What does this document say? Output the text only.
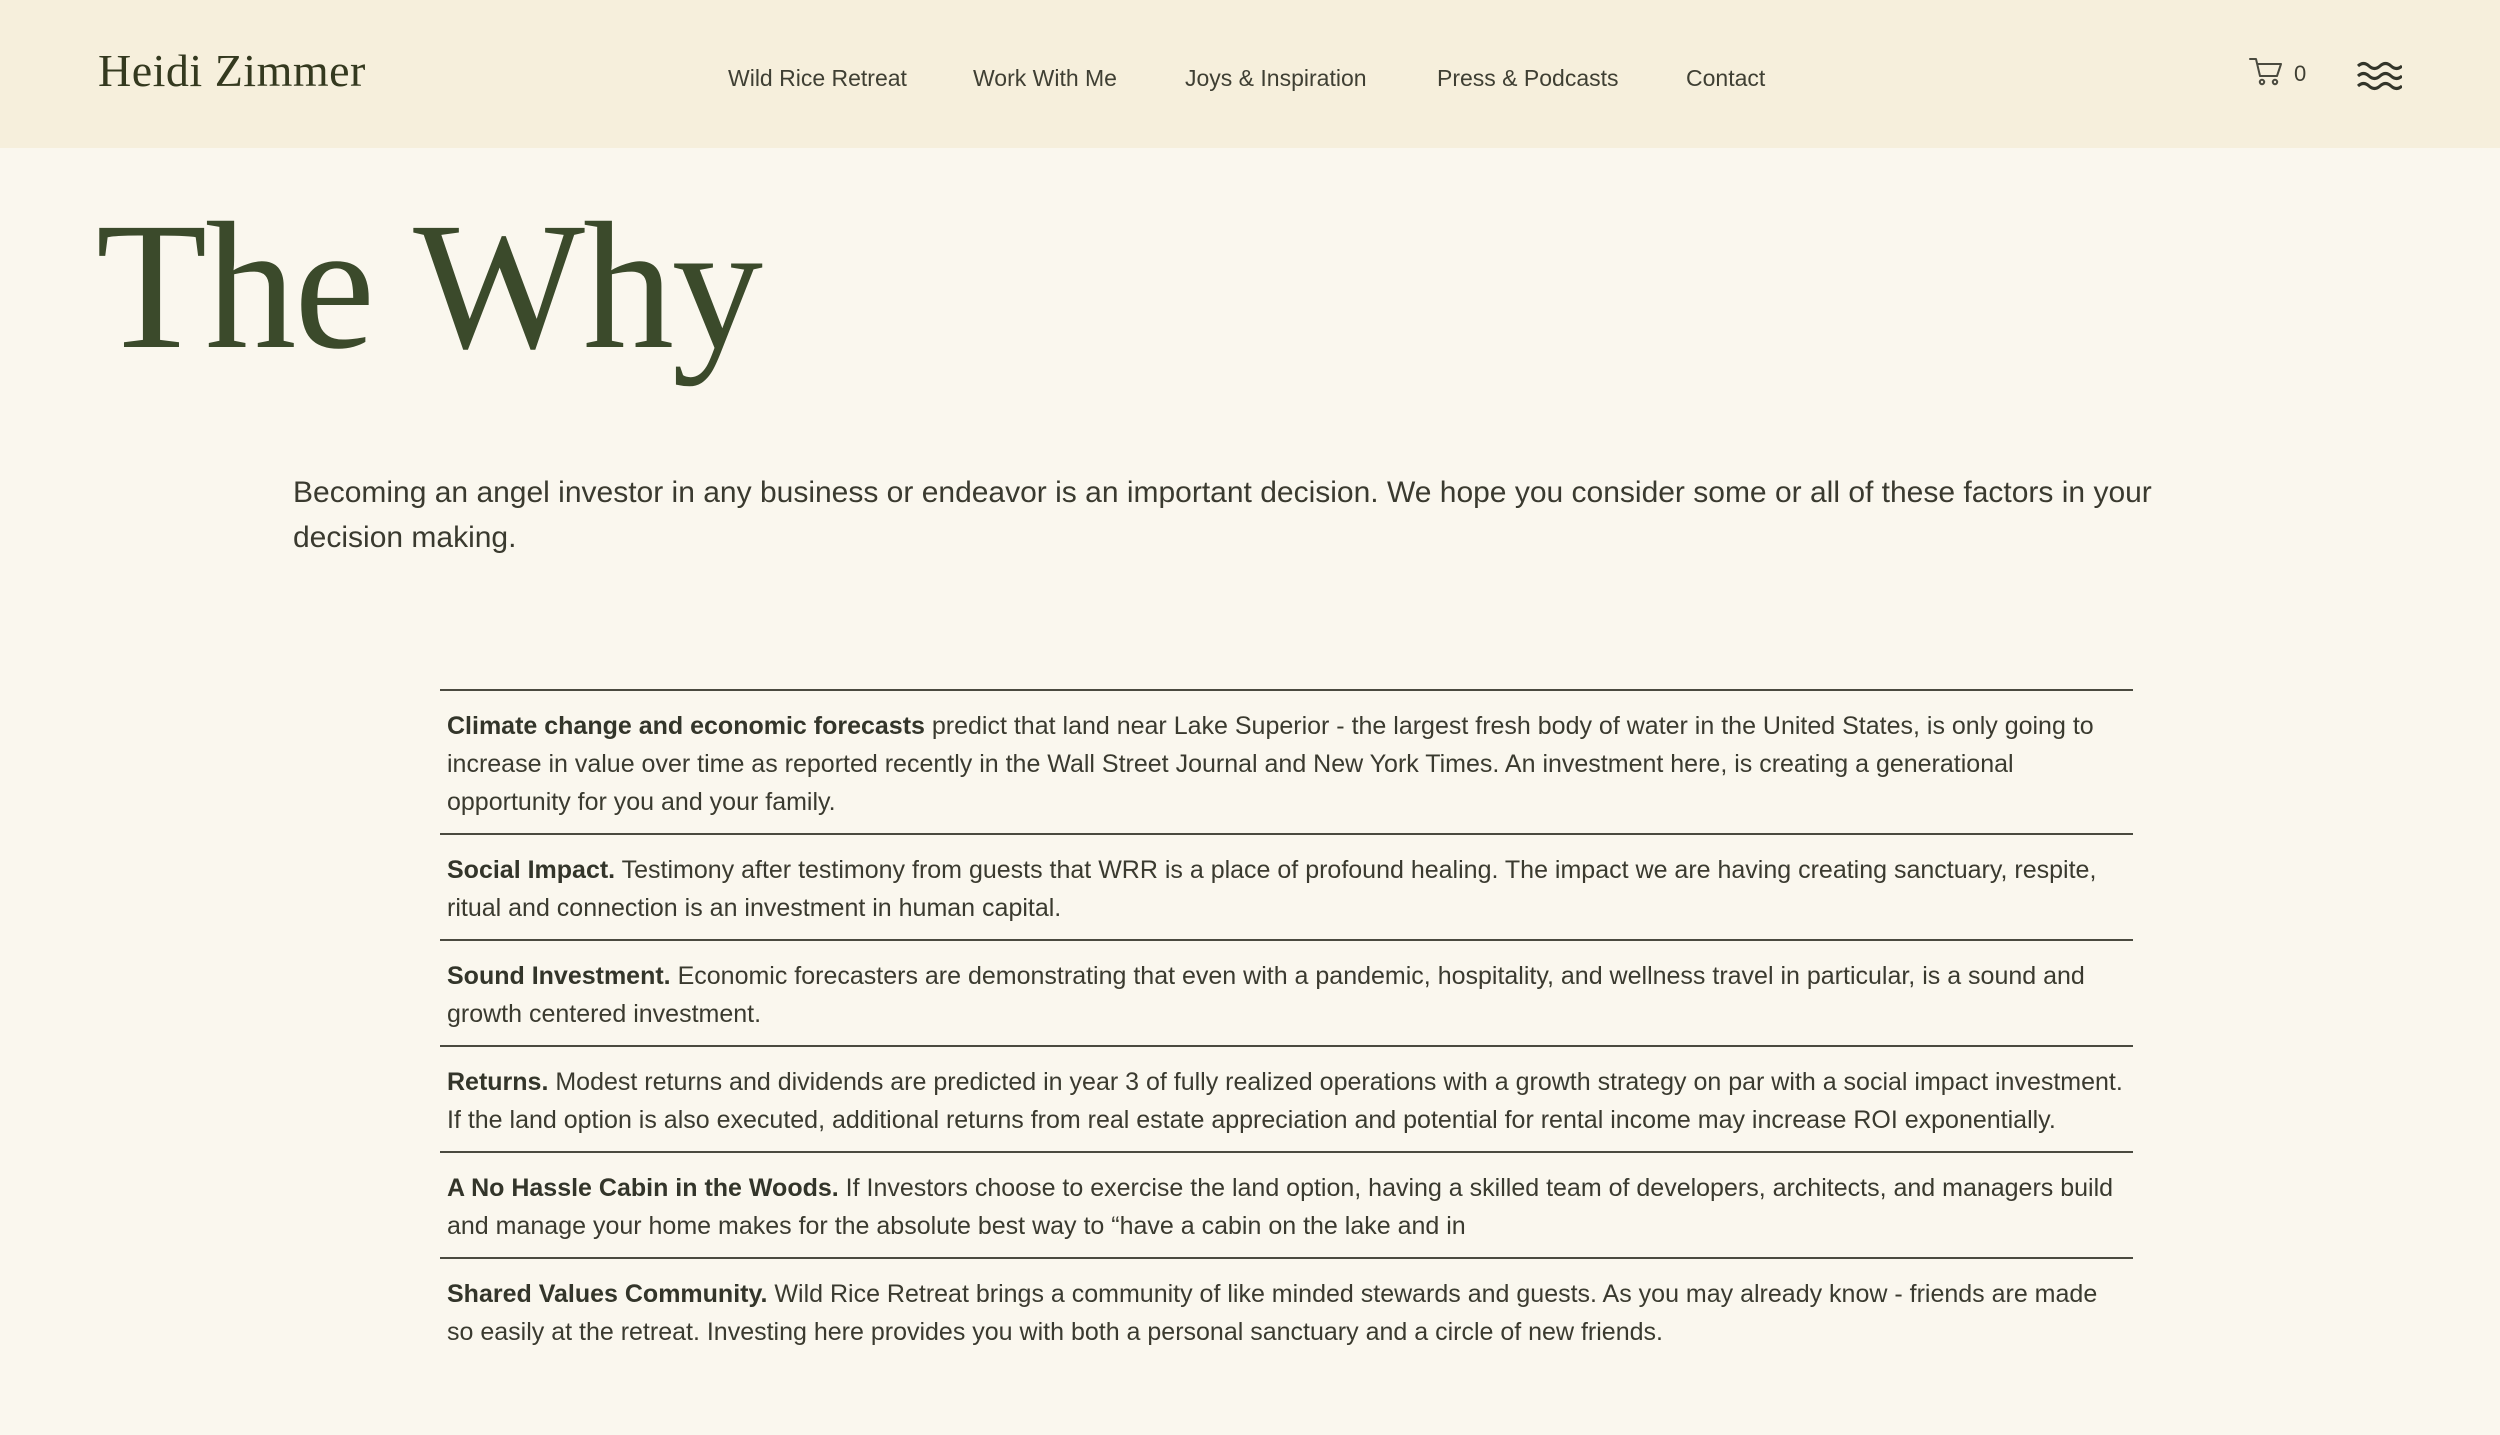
Heidi Zimmer	Wild Rice Retreat	Work With Me	Joys & Inspiration	Press & Podcasts	Contact	0
The Why

Becoming an angel investor in any business or endeavor is an important decision. We hope you consider some or all of these factors in your decision making.

Climate change and economic forecasts predict that land near Lake Superior - the largest fresh body of water in the United States, is only going to increase in value over time as reported recently in the Wall Street Journal and New York Times. An investment here, is creating a generational opportunity for you and your family.
Social Impact. Testimony after testimony from guests that WRR is a place of profound healing. The impact we are having creating sanctuary, respite, ritual and connection is an investment in human capital.
Sound Investment. Economic forecasters are demonstrating that even with a pandemic, hospitality, and wellness travel in particular, is a sound and growth centered investment.
Returns. Modest returns and dividends are predicted in year 3 of fully realized operations with a growth strategy on par with a social impact investment. If the land option is also executed, additional returns from real estate appreciation and potential for rental income may increase ROI exponentially.
A No Hassle Cabin in the Woods. If Investors choose to exercise the land option, having a skilled team of developers, architects, and managers build and manage your home makes for the absolute best way to “have a cabin on the lake and in
Shared Values Community. Wild Rice Retreat brings a community of like minded stewards and guests. As you may already know - friends are made so easily at the retreat. Investing here provides you with both a personal sanctuary and a circle of new friends.
